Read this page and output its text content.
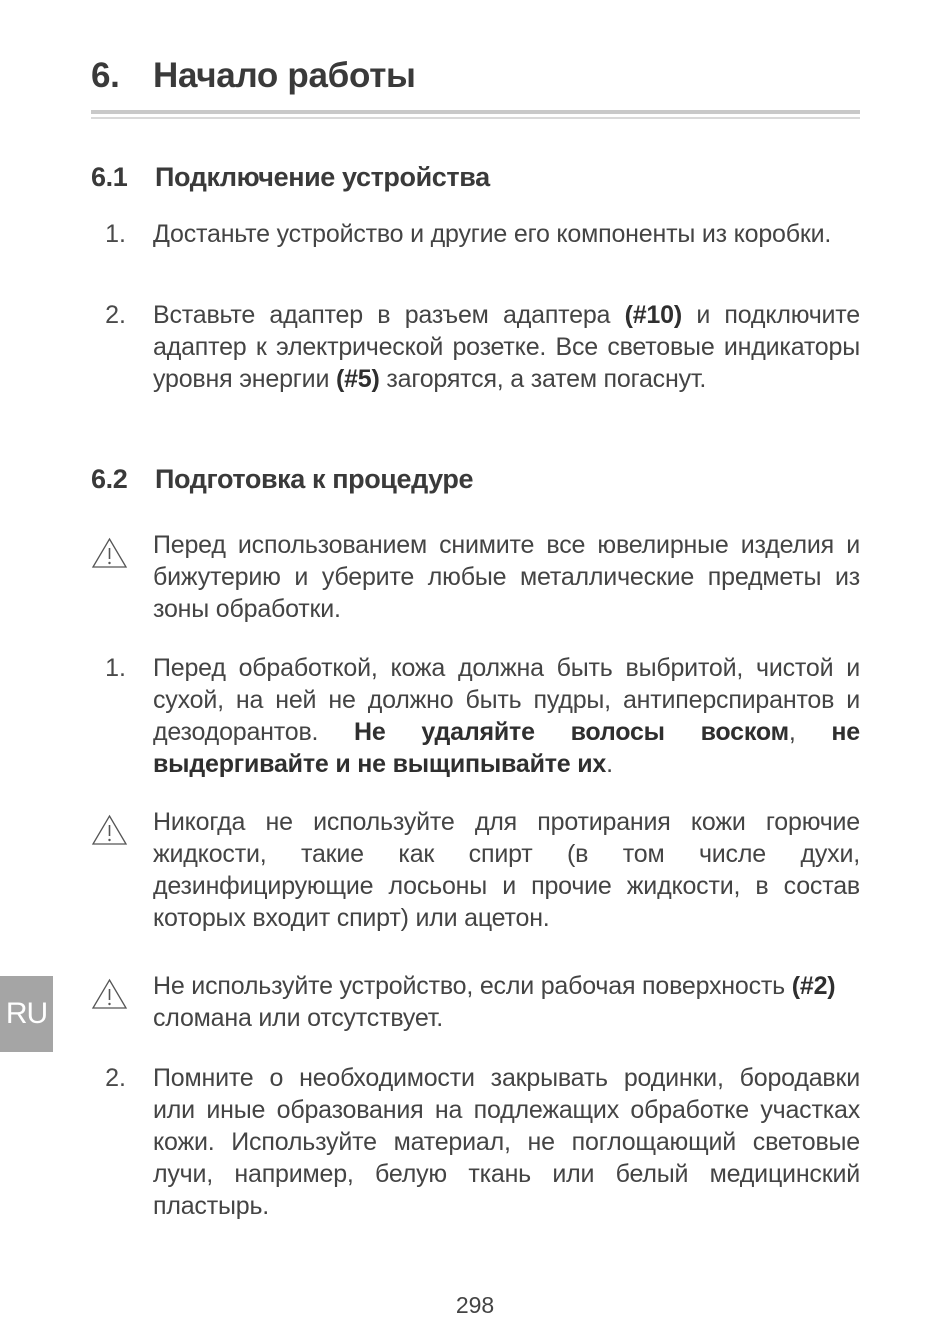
6. Начало работы
6.1 Подключение устройства
1. Достаньте устройство и другие его компоненты из коробки.
2. Вставьте адаптер в разъем адаптера (#10) и подключите адаптер к электрической розетке. Все световые индикаторы уровня энергии (#5) загорятся, а затем погаснут.
6.2 Подготовка к процедуре
Перед использованием снимите все ювелирные изделия и бижутерию и уберите любые металлические предметы из зоны обработки.
1. Перед обработкой, кожа должна быть выбритой, чистой и сухой, на ней не должно быть пудры, антиперспирантов и дезодорантов. Не удаляйте волосы воском, не выдергивайте и не выщипывайте их.
Никогда не используйте для протирания кожи горючие жидкости, такие как спирт (в том числе духи, дезинфицирующие лосьоны и прочие жидкости, в состав которых входит спирт) или ацетон.
Не используйте устройство, если рабочая поверхность (#2) сломана или отсутствует.
2. Помните о необходимости закрывать родинки, бородавки или иные образования на подлежащих обработке участках кожи. Используйте материал, не поглощающий световые лучи, например, белую ткань или белый медицинский пластырь.
RU
298
